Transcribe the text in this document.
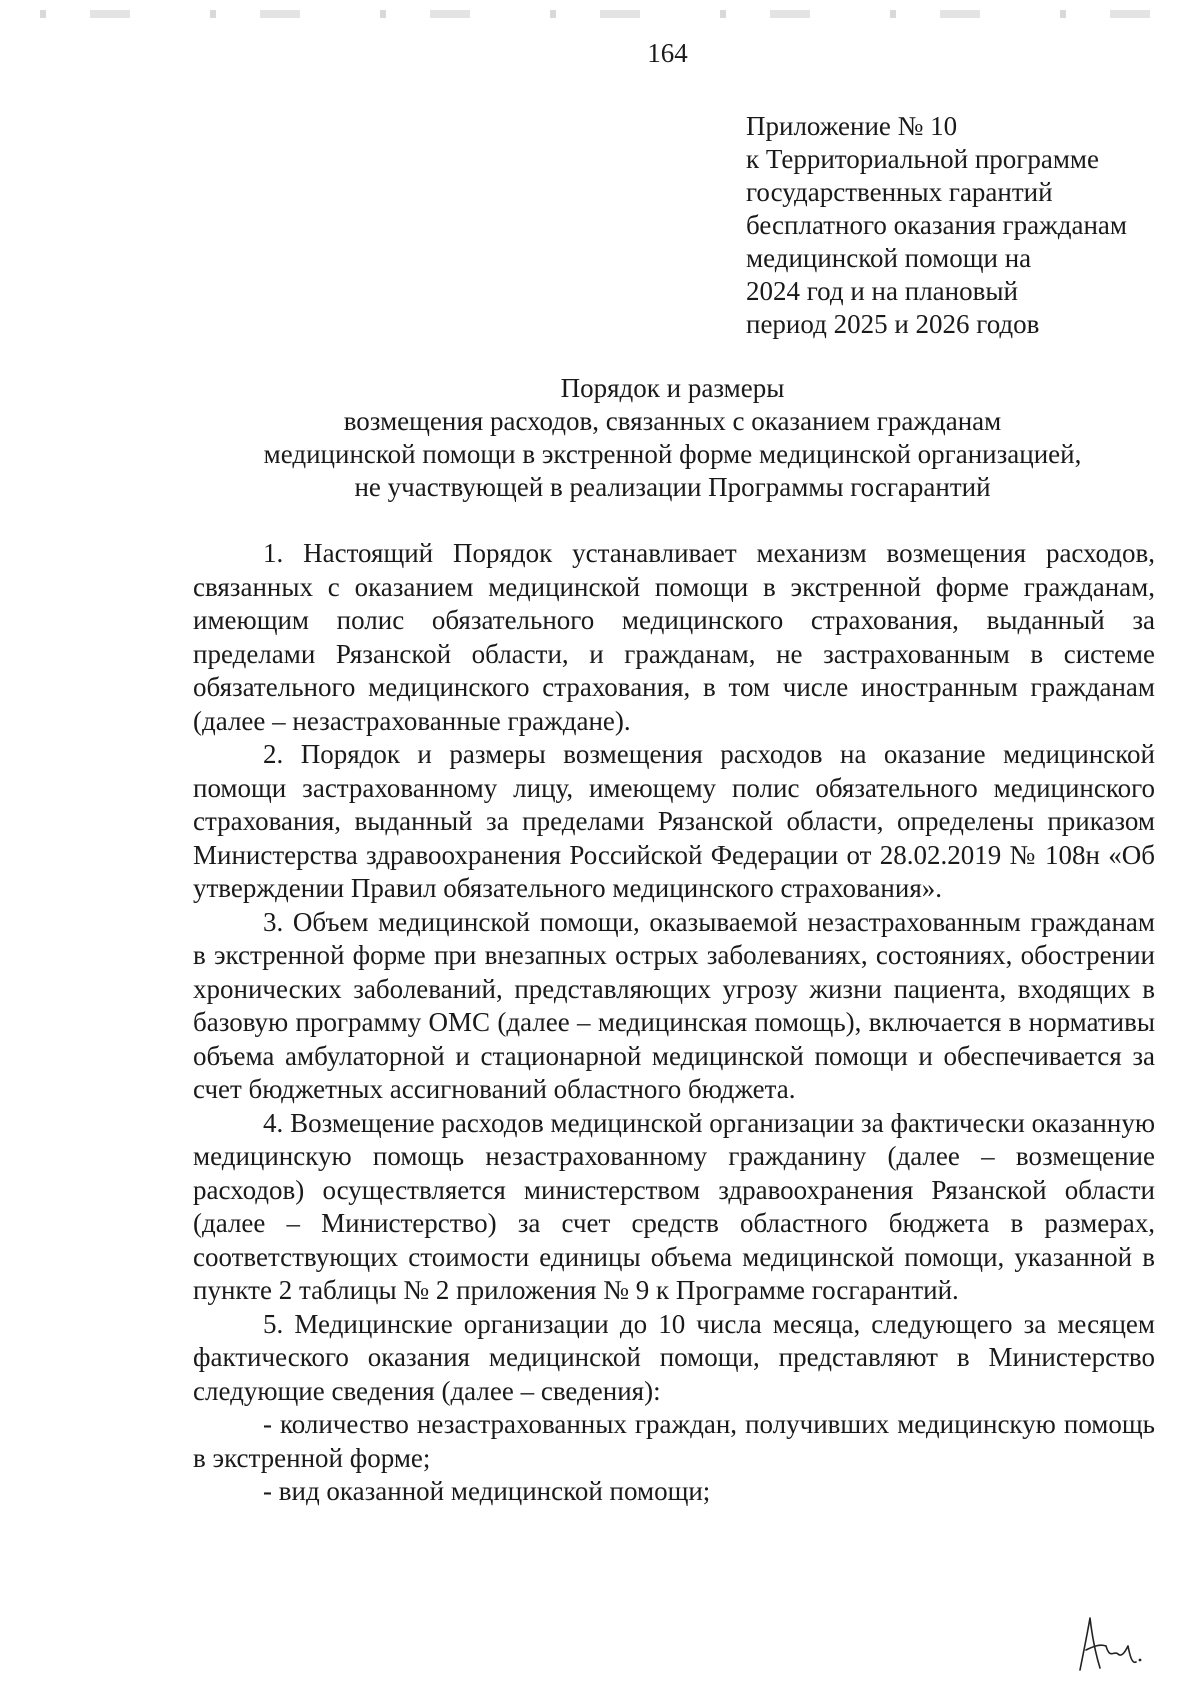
164
Приложение № 10
к Территориальной программе
государственных гарантий
бесплатного оказания гражданам
медицинской помощи на
2024 год и на плановый
период 2025 и 2026 годов
Порядок и размеры
возмещения расходов, связанных с оказанием гражданам
медицинской помощи в экстренной форме медицинской организацией,
не участвующей в реализации Программы госгарантий

1. Настоящий Порядок устанавливает механизм возмещения расходов, связанных с оказанием медицинской помощи в экстренной форме гражданам, имеющим полис обязательного медицинского страхования, выданный за пределами Рязанской области, и гражданам, не застрахованным в системе обязательного медицинского страхования, в том числе иностранным гражданам (далее – незастрахованные граждане).

2. Порядок и размеры возмещения расходов на оказание медицинской помощи застрахованному лицу, имеющему полис обязательного медицинского страхования, выданный за пределами Рязанской области, определены приказом Министерства здравоохранения Российской Федерации от 28.02.2019 № 108н «Об утверждении Правил обязательного медицинского страхования».

3. Объем медицинской помощи, оказываемой незастрахованным гражданам в экстренной форме при внезапных острых заболеваниях, состояниях, обострении хронических заболеваний, представляющих угрозу жизни пациента, входящих в базовую программу ОМС (далее – медицинская помощь), включается в нормативы объема амбулаторной и стационарной медицинской помощи и обеспечивается за счет бюджетных ассигнований областного бюджета.

4. Возмещение расходов медицинской организации за фактически оказанную медицинскую помощь незастрахованному гражданину (далее – возмещение расходов) осуществляется министерством здравоохранения Рязанской области (далее – Министерство) за счет средств областного бюджета в размерах, соответствующих стоимости единицы объема медицинской помощи, указанной в пункте 2 таблицы № 2 приложения № 9 к Программе госгарантий.

5. Медицинские организации до 10 числа месяца, следующего за месяцем фактического оказания медицинской помощи, представляют в Министерство следующие сведения (далее – сведения):

- количество незастрахованных граждан, получивших медицинскую помощь в экстренной форме;

- вид оказанной медицинской помощи;
